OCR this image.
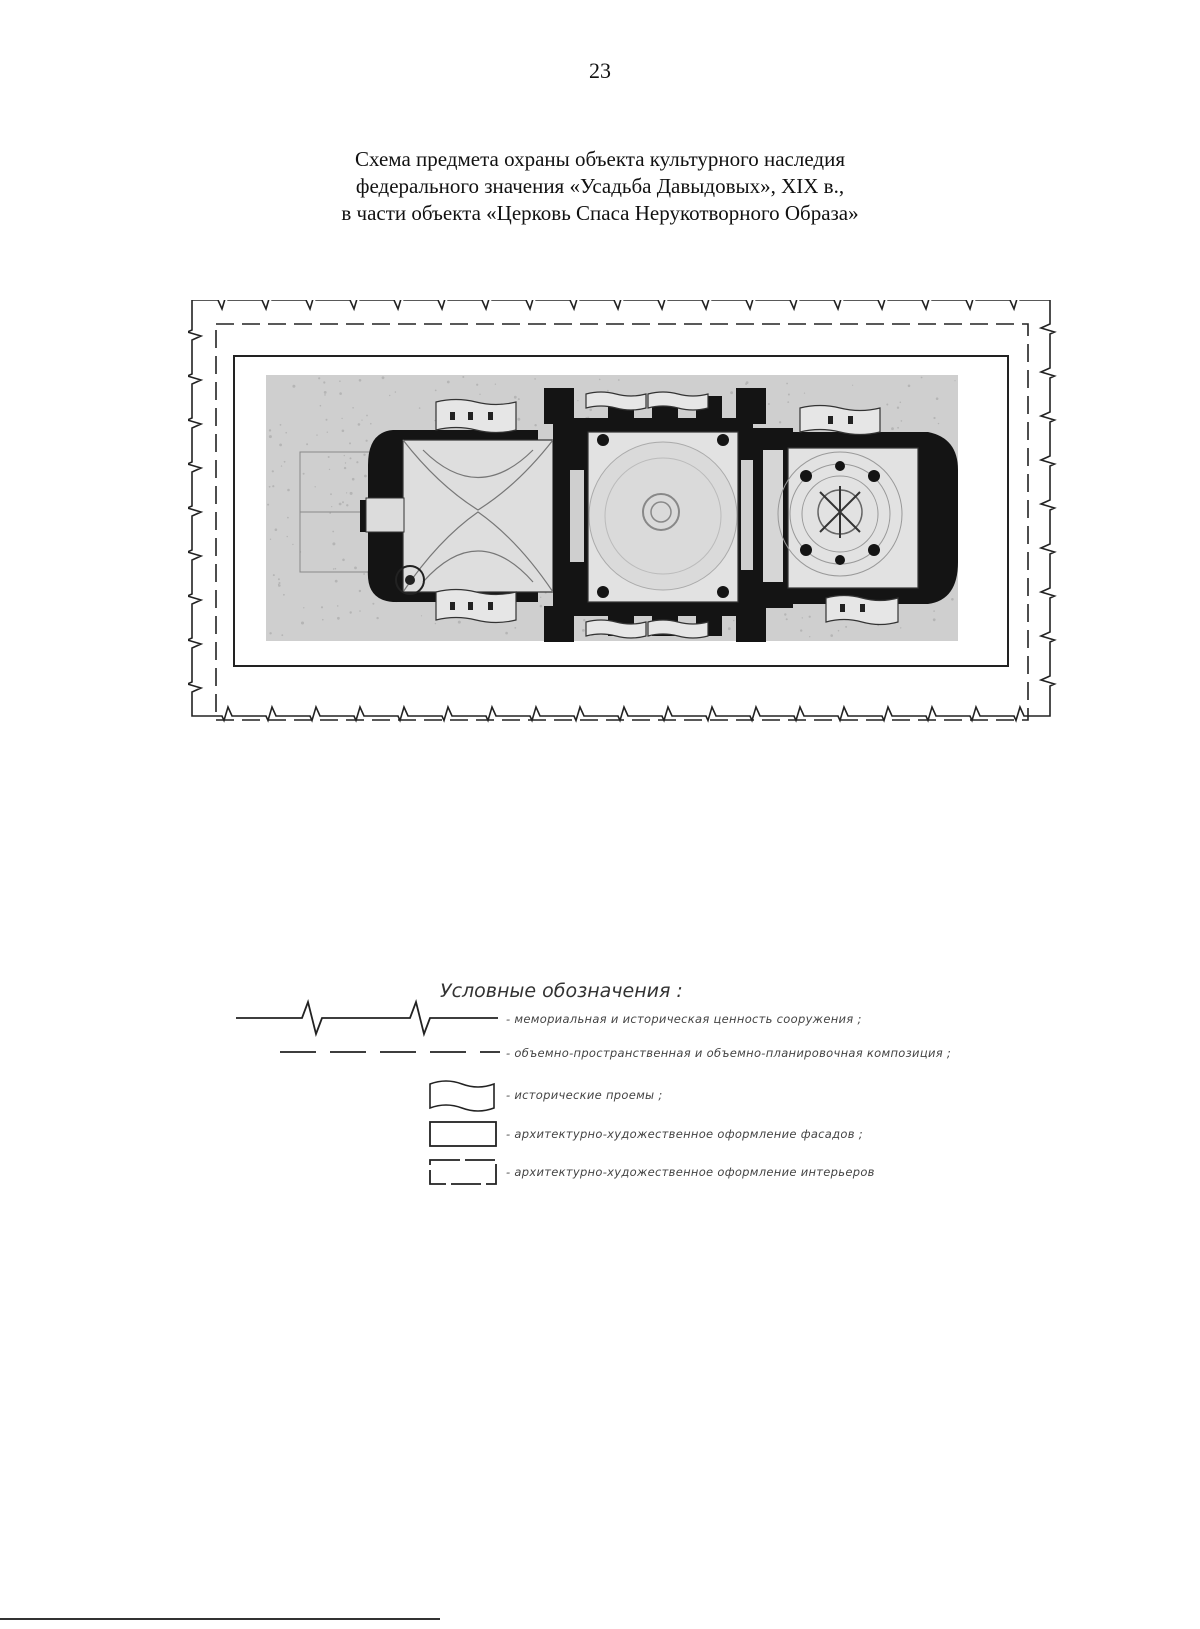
23
Схема предмета охраны объекта культурного наследия
федерального значения «Усадьба Давыдовых», XIX в.,
в части объекта «Церковь Спаса Нерукотворного Образа»
Условные обозначения :
- мемориальная и историческая ценность сооружения ;
- объемно-пространственная и объемно-планировочная композиция ;
- исторические проемы ;
- архитектурно-художественное оформление фасадов ;
- архитектурно-художественное оформление интерьеров
